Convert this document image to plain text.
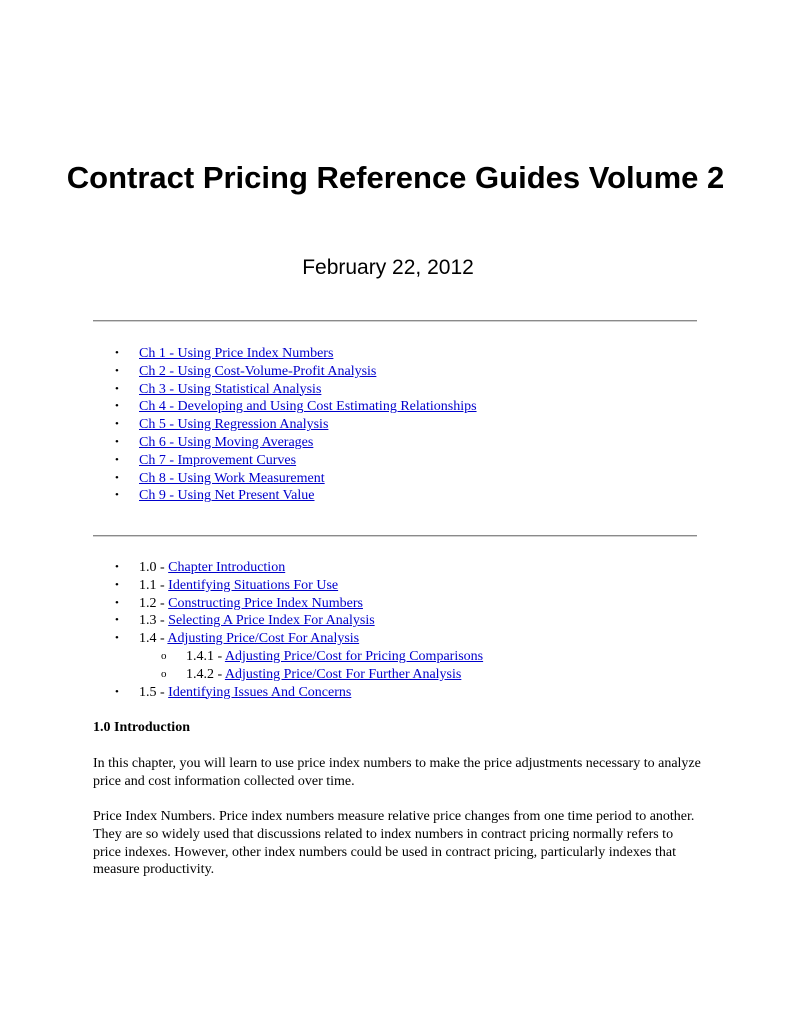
Contract Pricing Reference Guides Volume 2

February 22, 2012

• Ch 1 - Using Price Index Numbers
• Ch 2 - Using Cost-Volume-Profit Analysis
• Ch 3 - Using Statistical Analysis
• Ch 4 - Developing and Using Cost Estimating Relationships
• Ch 5 - Using Regression Analysis
• Ch 6 - Using Moving Averages
• Ch 7 - Improvement Curves
• Ch 8 - Using Work Measurement
• Ch 9 - Using Net Present Value
• 1.0 - Chapter Introduction
• 1.1 - Identifying Situations For Use
• 1.2 - Constructing Price Index Numbers
• 1.3 - Selecting A Price Index For Analysis
• 1.4 - Adjusting Price/Cost For Analysis
o 1.4.1 - Adjusting Price/Cost for Pricing Comparisons
o 1.4.2 - Adjusting Price/Cost For Further Analysis
• 1.5 - Identifying Issues And Concerns

1.0 Introduction

In this chapter, you will learn to use price index numbers to make the price adjustments necessary to analyze price and cost information collected over time.

Price Index Numbers. Price index numbers measure relative price changes from one time period to another. They are so widely used that discussions related to index numbers in contract pricing normally refers to price indexes. However, other index numbers could be used in contract pricing, particularly indexes that measure productivity.
